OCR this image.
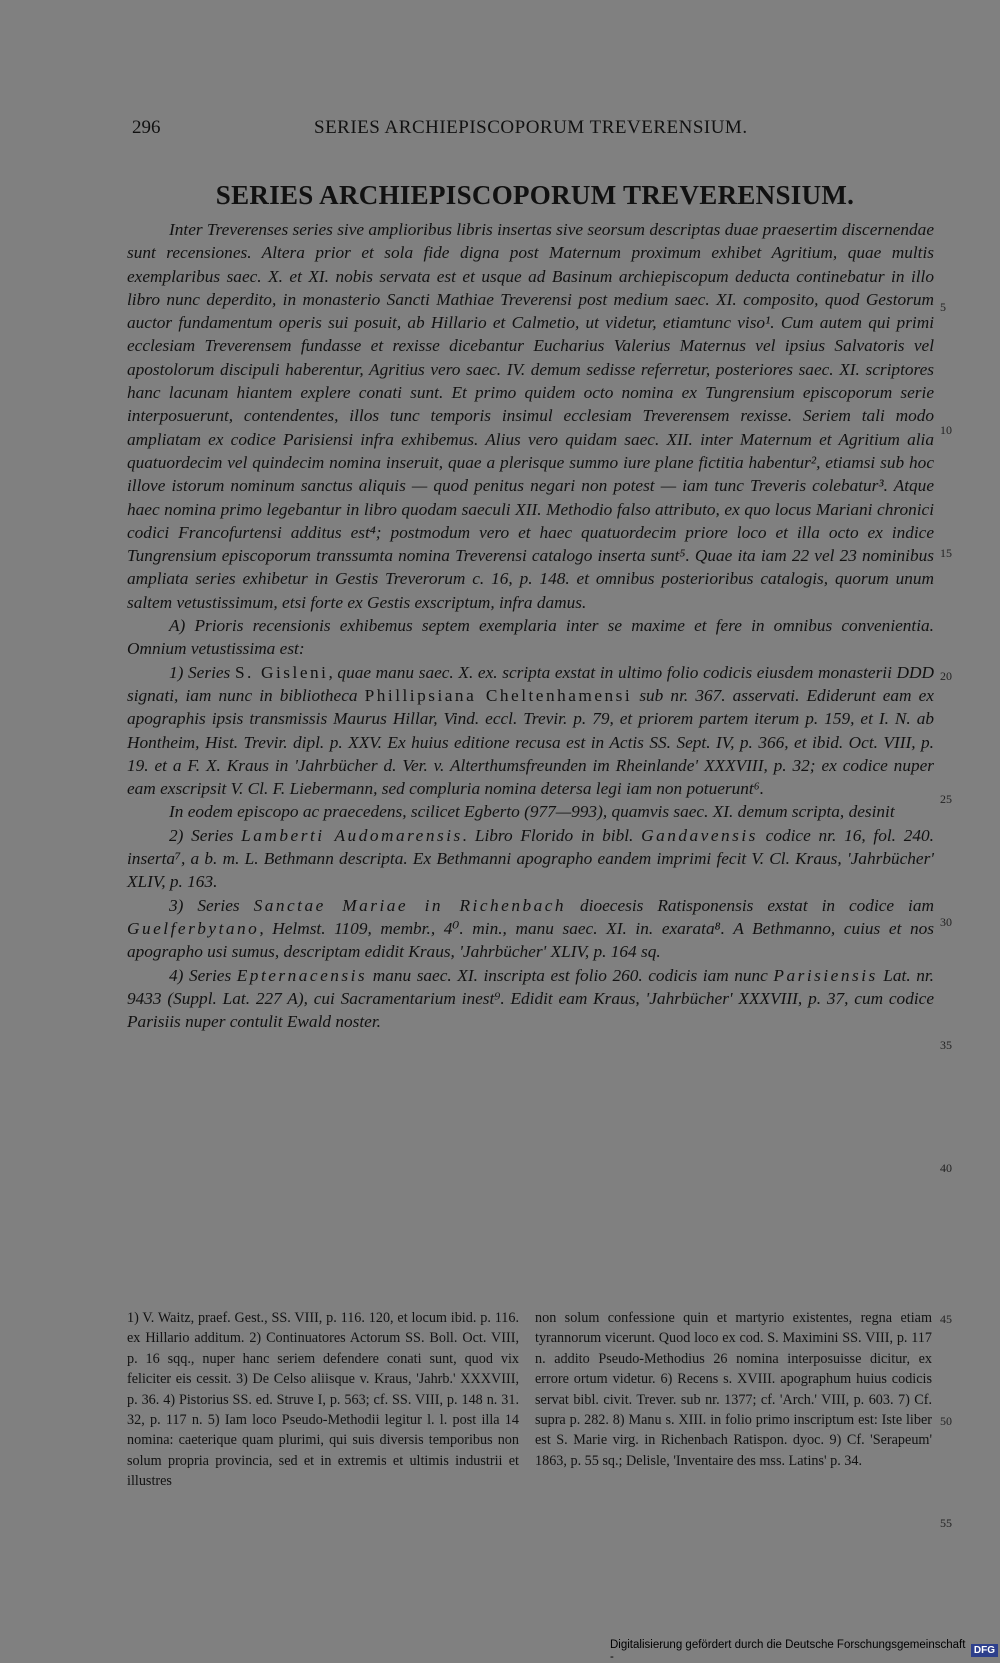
296	SERIES ARCHIEPISCOPORUM TREVERENSIUM.
SERIES ARCHIEPISCOPORUM TREVERENSIUM.

Inter Treverenses series sive amplioribus libris insertas sive seorsum descriptas duae praesertim discernendae sunt recensiones. Altera prior et sola fide digna post Maternum proximum exhibet Agritium, quae multis exemplaribus saec. X. et XI. nobis servata est et usque ad Basinum archiepiscopum deducta continebatur in illo libro nunc deperdito, in monasterio Sancti Mathiae Treverensi post medium saec. XI. composito, quod Gestorum auctor fundamentum operis sui posuit, ab Hillario et Calmetio, ut videtur, etiamtunc viso¹. Cum autem qui primi ecclesiam Treverensem fundasse et rexisse dicebantur Eucharius Valerius Maternus vel ipsius Salvatoris vel apostolorum discipuli haberentur, Agritius vero saec. IV. demum sedisse referretur, posteriores saec. XI. scriptores hanc lacunam hiantem explere conati sunt. Et primo quidem octo nomina ex Tungrensium episcoporum serie interposuerunt, contendentes, illos tunc temporis insimul ecclesiam Treverensem rexisse. Seriem tali modo ampliatam ex codice Parisiensi infra exhibemus. Alius vero quidam saec. XII. inter Maternum et Agritium alia quatuordecim vel quindecim nomina inseruit, quae a plerisque summo iure plane fictitia habentur², etiamsi sub hoc illove istorum nominum sanctus aliquis — quod penitus negari non potest — iam tunc Treveris colebatur³. Atque haec nomina primo legebantur in libro quodam saeculi XII. Methodio falso attributo, ex quo locus Mariani chronici codici Francofurtensi additus est⁴; postmodum vero et haec quatuordecim priore loco et illa octo ex indice Tungrensium episcoporum transsumta nomina Treverensi catalogo inserta sunt⁵. Quae ita iam 22 vel 23 nominibus ampliata series exhibetur in Gestis Treverorum c. 16, p. 148. et omnibus posterioribus catalogis, quorum unum saltem vetustissimum, etsi forte ex Gestis exscriptum, infra damus.

A) Prioris recensionis exhibemus septem exemplaria inter se maxime et fere in omnibus convenientia. Omnium vetustissima est:

1) Series S. Gisleni, quae manu saec. X. ex. scripta exstat in ultimo folio codicis eiusdem monasterii DDD signati, iam nunc in bibliotheca Phillipsiana Cheltenhamensi sub nr. 367. asservati. Ediderunt eam ex apographis ipsis transmissis Maurus Hillar, Vind. eccl. Trevir. p. 79, et priorem partem iterum p. 159, et I. N. ab Hontheim, Hist. Trevir. dipl. p. XXV. Ex huius editione recusa est in Actis SS. Sept. IV, p. 366, et ibid. Oct. VIII, p. 19. et a F. X. Kraus in 'Jahrbücher d. Ver. v. Alterthumsfreunden im Rheinlande' XXXVIII, p. 32; ex codice nuper eam exscripsit V. Cl. F. Liebermann, sed compluria nomina detersa legi iam non potuerunt⁶.

In eodem episcopo ac praecedens, scilicet Egberto (977—993), quamvis saec. XI. demum scripta, desinit

2) Series Lamberti Audomarensis. Libro Florido in bibl. Gandavensis codice nr. 16, fol. 240. inserta⁷, a b. m. L. Bethmann descripta. Ex Bethmanni apographo eandem imprimi fecit V. Cl. Kraus, 'Jahrbücher' XLIV, p. 163.

3) Series Sanctae Mariae in Richenbach dioecesis Ratisponensis exstat in codice iam Guelferbytano, Helmst. 1109, membr., 4⁰. min., manu saec. XI. in. exarata⁸. A Bethmanno, cuius et nos apographo usi sumus, descriptam edidit Kraus, 'Jahrbücher' XLIV, p. 164 sq.

4) Series Epternacensis manu saec. XI. inscripta est folio 260. codicis iam nunc Parisiensis Lat. nr. 9433 (Suppl. Lat. 227 A), cui Sacramentarium inest⁹. Edidit eam Kraus, 'Jahrbücher' XXXVIII, p. 37, cum codice Parisiis nuper contulit Ewald noster.

5
10
15
20
25
30
35
40
45
50
55
1) V. Waitz, praef. Gest., SS. VIII, p. 116. 120, et locum ibid. p. 116. ex Hillario additum. 2) Continuatores Actorum SS. Boll. Oct. VIII, p. 16 sqq., nuper hanc seriem defendere conati sunt, quod vix feliciter eis cessit. 3) De Celso aliisque v. Kraus, 'Jahrb.' XXXVIII, p. 36. 4) Pistorius SS. ed. Struve I, p. 563; cf. SS. VIII, p. 148 n. 31. 32, p. 117 n. 5) Iam loco Pseudo-Methodii legitur l. l. post illa 14 nomina: caeterique quam plurimi, qui suis diversis temporibus non solum propria provincia, sed et in extremis et ultimis industrii et illustres
non solum confessione quin et martyrio existentes, regna etiam tyrannorum vicerunt. Quod loco ex cod. S. Maximini SS. VIII, p. 117 n. addito Pseudo-Methodius 26 nomina interposuisse dicitur, ex errore ortum videtur. 6) Recens s. XVIII. apographum huius codicis servat bibl. civit. Trever. sub nr. 1377; cf. 'Arch.' VIII, p. 603. 7) Cf. supra p. 282. 8) Manu s. XIII. in folio primo inscriptum est: Iste liber est S. Marie virg. in Richenbach Ratispon. dyoc. 9) Cf. 'Serapeum' 1863, p. 55 sq.; Delisle, 'Inventaire des mss. Latins' p. 34.
Digitalisierung gefördert durch die Deutsche Forschungsgemeinschaft -	DFG
